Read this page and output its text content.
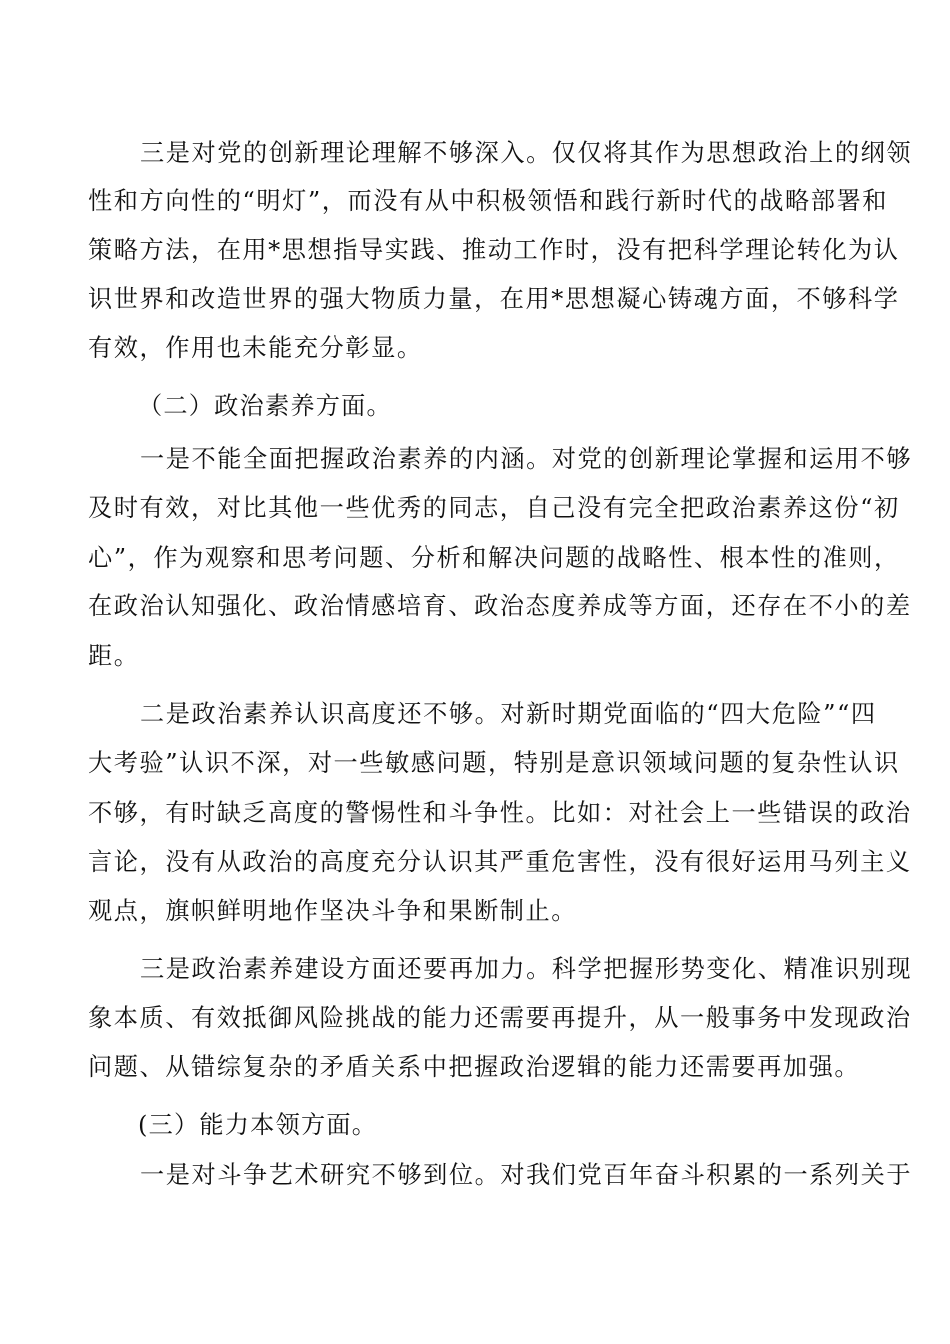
三是对党的创新理论理解不够深入。仅仅将其作为思想政治上的纲领
性和方向性的“明灯”，而没有从中积极领悟和践行新时代的战略部署和
策略方法，在用*思想指导实践、推动工作时，没有把科学理论转化为认
识世界和改造世界的强大物质力量，在用*思想凝心铸魂方面，不够科学
有效，作用也未能充分彰显。
（二）政治素养方面。
一是不能全面把握政治素养的内涵。对党的创新理论掌握和运用不够
及时有效，对比其他一些优秀的同志，自己没有完全把政治素养这份“初
心”，作为观察和思考问题、分析和解决问题的战略性、根本性的准则，
在政治认知强化、政治情感培育、政治态度养成等方面，还存在不小的差
距。
二是政治素养认识高度还不够。对新时期党面临的“四大危险”“四
大考验”认识不深，对一些敏感问题，特别是意识领域问题的复杂性认识
不够，有时缺乏高度的警惕性和斗争性。比如：对社会上一些错误的政治
言论，没有从政治的高度充分认识其严重危害性，没有很好运用马列主义
观点，旗帜鲜明地作坚决斗争和果断制止。
三是政治素养建设方面还要再加力。科学把握形势变化、精准识别现
象本质、有效抵御风险挑战的能力还需要再提升，从一般事务中发现政治
问题、从错综复杂的矛盾关系中把握政治逻辑的能力还需要再加强。
(三）能力本领方面。
一是对斗争艺术研究不够到位。对我们党百年奋斗积累的一系列关于
